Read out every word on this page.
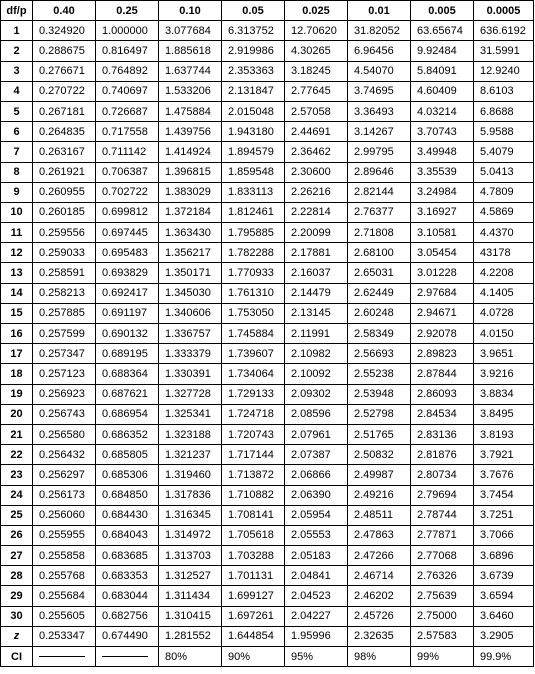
df/p	0.40	0.25	0.10	0.05	0.025	0.01	0.005	0.0005
1	0.324920	1.000000	3.077684	6.313752	12.70620	31.82052	63.65674	636.6192
2	0.288675	0.816497	1.885618	2.919986	4.30265	6.96456	9.92484	31.5991
3	0.276671	0.764892	1.637744	2.353363	3.18245	4.54070	5.84091	12.9240
4	0.270722	0.740697	1.533206	2.131847	2.77645	3.74695	4.60409	8.6103
5	0.267181	0.726687	1.475884	2.015048	2.57058	3.36493	4.03214	6.8688
6	0.264835	0.717558	1.439756	1.943180	2.44691	3.14267	3.70743	5.9588
7	0.263167	0.711142	1.414924	1.894579	2.36462	2.99795	3.49948	5.4079
8	0.261921	0.706387	1.396815	1.859548	2.30600	2.89646	3.35539	5.0413
9	0.260955	0.702722	1.383029	1.833113	2.26216	2.82144	3.24984	4.7809
10	0.260185	0.699812	1.372184	1.812461	2.22814	2.76377	3.16927	4.5869
11	0.259556	0.697445	1.363430	1.795885	2.20099	2.71808	3.10581	4.4370
12	0.259033	0.695483	1.356217	1.782288	2.17881	2.68100	3.05454	43178
13	0.258591	0.693829	1.350171	1.770933	2.16037	2.65031	3.01228	4.2208
14	0.258213	0.692417	1.345030	1.761310	2.14479	2.62449	2.97684	4.1405
15	0.257885	0.691197	1.340606	1.753050	2.13145	2.60248	2.94671	4.0728
16	0.257599	0.690132	1.336757	1.745884	2.11991	2.58349	2.92078	4.0150
17	0.257347	0.689195	1.333379	1.739607	2.10982	2.56693	2.89823	3.9651
18	0.257123	0.688364	1.330391	1.734064	2.10092	2.55238	2.87844	3.9216
19	0.256923	0.687621	1.327728	1.729133	2.09302	2.53948	2.86093	3.8834
20	0.256743	0.686954	1.325341	1.724718	2.08596	2.52798	2.84534	3.8495
21	0.256580	0.686352	1.323188	1.720743	2.07961	2.51765	2.83136	3.8193
22	0.256432	0.685805	1.321237	1.717144	2.07387	2.50832	2.81876	3.7921
23	0.256297	0.685306	1.319460	1.713872	2.06866	2.49987	2.80734	3.7676
24	0.256173	0.684850	1.317836	1.710882	2.06390	2.49216	2.79694	3.7454
25	0.256060	0.684430	1.316345	1.708141	2.05954	2.48511	2.78744	3.7251
26	0.255955	0.684043	1.314972	1.705618	2.05553	2.47863	2.77871	3.7066
27	0.255858	0.683685	1.313703	1.703288	2.05183	2.47266	2.77068	3.6896
28	0.255768	0.683353	1.312527	1.701131	2.04841	2.46714	2.76326	3.6739
29	0.255684	0.683044	1.311434	1.699127	2.04523	2.46202	2.75639	3.6594
30	0.255605	0.682756	1.310415	1.697261	2.04227	2.45726	2.75000	3.6460
z	0.253347	0.674490	1.281552	1.644854	1.95996	2.32635	2.57583	3.2905
CI			80%	90%	95%	98%	99%	99.9%
